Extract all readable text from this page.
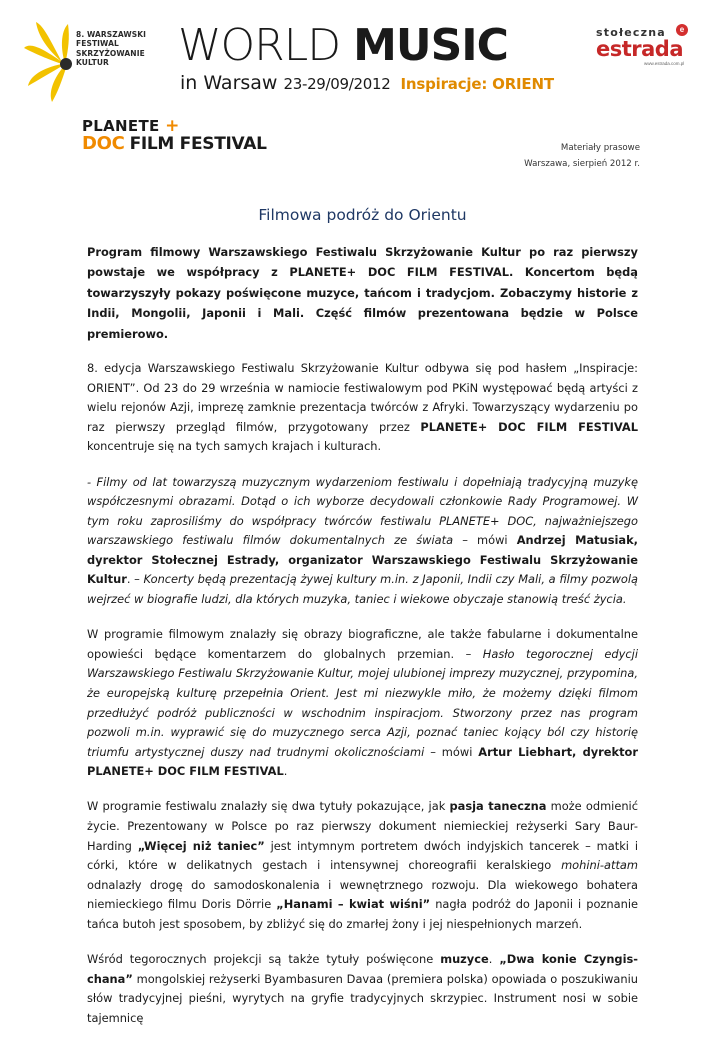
8. WARSZAWSKI
FESTIWAL
SKRZYŻOWANIE
KULTUR	WORLD MUSIC
in Warsaw 23-29/09/2012 Inspiracje: ORIENT
stołeczna
estrada
e
www.estrada.com.pl
PLANETE +
DOC FILM FESTIVAL	Materiały prasowe
Warszawa, sierpień 2012 r.
Filmowa podróż do Orientu

Program filmowy Warszawskiego Festiwalu Skrzyżowanie Kultur po raz pierwszy powstaje we współpracy z PLANETE+ DOC FILM FESTIVAL. Koncertom będą towarzyszyły pokazy poświęcone muzyce, tańcom i tradycjom. Zobaczymy historie z Indii, Mongolii, Japonii i Mali. Część filmów prezentowana będzie w Polsce premierowo.

8. edycja Warszawskiego Festiwalu Skrzyżowanie Kultur odbywa się pod hasłem „Inspiracje: ORIENT”. Od 23 do 29 września w namiocie festiwalowym pod PKiN występować będą artyści z wielu rejonów Azji, imprezę zamknie prezentacja twórców z Afryki. Towarzyszący wydarzeniu po raz pierwszy przegląd filmów, przygotowany przez PLANETE+ DOC FILM FESTIVAL koncentruje się na tych samych krajach i kulturach.

- Filmy od lat towarzyszą muzycznym wydarzeniom festiwalu i dopełniają tradycyjną muzykę współczesnymi obrazami. Dotąd o ich wyborze decydowali członkowie Rady Programowej. W tym roku zaprosiliśmy do współpracy twórców festiwalu PLANETE+ DOC, najważniejszego warszawskiego festiwalu filmów dokumentalnych ze świata – mówi Andrzej Matusiak, dyrektor Stołecznej Estrady, organizator Warszawskiego Festiwalu Skrzyżowanie Kultur. – Koncerty będą prezentacją żywej kultury m.in. z Japonii, Indii czy Mali, a filmy pozwolą wejrzeć w biografie ludzi, dla których muzyka, taniec i wiekowe obyczaje stanowią treść życia.

W programie filmowym znalazły się obrazy biograficzne, ale także fabularne i dokumentalne opowieści będące komentarzem do globalnych przemian. – Hasło tegorocznej edycji Warszawskiego Festiwalu Skrzyżowanie Kultur, mojej ulubionej imprezy muzycznej, przypomina, że europejską kulturę przepełnia Orient. Jest mi niezwykle miło, że możemy dzięki filmom przedłużyć podróż publiczności w wschodnim inspiracjom. Stworzony przez nas program pozwoli m.in. wyprawić się do muzycznego serca Azji, poznać taniec kojący ból czy historię triumfu artystycznej duszy nad trudnymi okolicznościami – mówi Artur Liebhart, dyrektor PLANETE+ DOC FILM FESTIVAL.

W programie festiwalu znalazły się dwa tytuły pokazujące, jak pasja taneczna może odmienić życie. Prezentowany w Polsce po raz pierwszy dokument niemieckiej reżyserki Sary Baur-Harding „Więcej niż taniec” jest intymnym portretem dwóch indyjskich tancerek – matki i córki, które w delikatnych gestach i intensywnej choreografii keralskiego mohini-attam odnalazły drogę do samodoskonalenia i wewnętrznego rozwoju. Dla wiekowego bohatera niemieckiego filmu Doris Dörrie „Hanami – kwiat wiśni” nagła podróż do Japonii i poznanie tańca butoh jest sposobem, by zbliżyć się do zmarłej żony i jej niespełnionych marzeń.

Wśród tegorocznych projekcji są także tytuły poświęcone muzyce. „Dwa konie Czyngis-chana” mongolskiej reżyserki Byambasuren Davaa (premiera polska) opowiada o poszukiwaniu słów tradycyjnej pieśni, wyrytych na gryfie tradycyjnych skrzypiec. Instrument nosi w sobie tajemnicę
